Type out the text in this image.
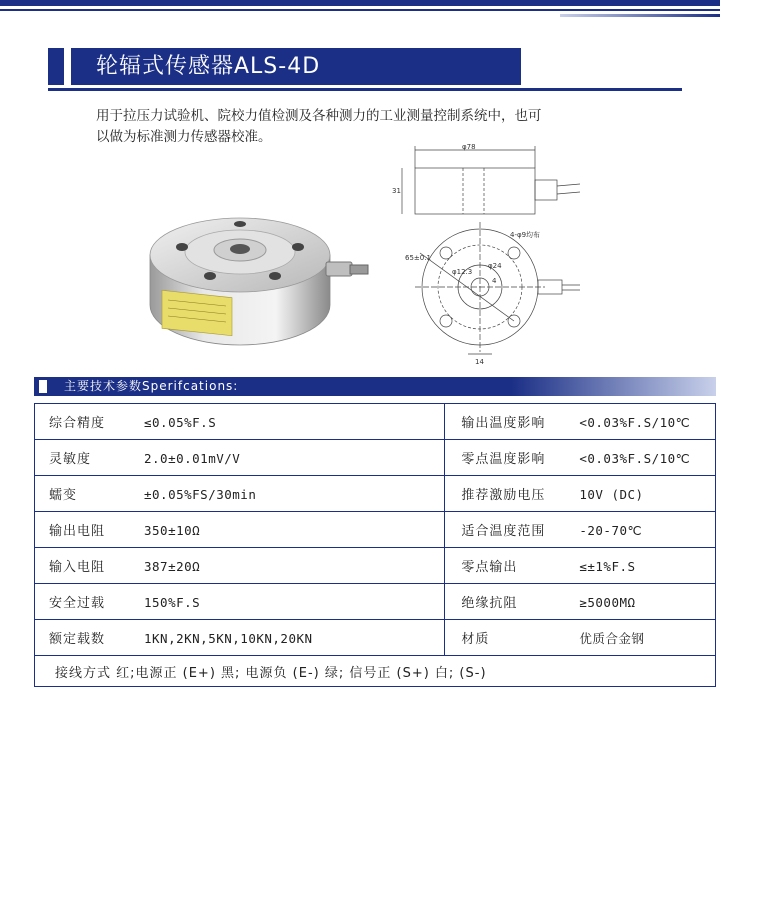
轮辐式传感器ALS-4D
用于拉压力试验机、院校力值检测及各种测力的工业测量控制系统中，也可
以做为标准测力传感器校准。
φ78
31
65±0.1
φ12.3
φ24
4-φ9均布
4
14
主要技术参数Sperifcations:
综合精度 ≤0.05%F.S	输出温度影响 <0.03%F.S/10℃
灵敏度 2.0±0.01mV/V	零点温度影响 <0.03%F.S/10℃
蠕变 ±0.05%FS/30min	推荐激励电压 10V (DC)
输出电阻 350±10Ω	适合温度范围 -20-70℃
输入电阻 387±20Ω	零点输出 ≤±1%F.S
安全过载 150%F.S	绝缘抗阻 ≥5000MΩ
额定载数 1KN,2KN,5KN,10KN,20KN	材质 优质合金钢
接线方式 红;电源正 (E+) 黑; 电源负 (E-) 绿; 信号正 (S+) 白; (S-)	
